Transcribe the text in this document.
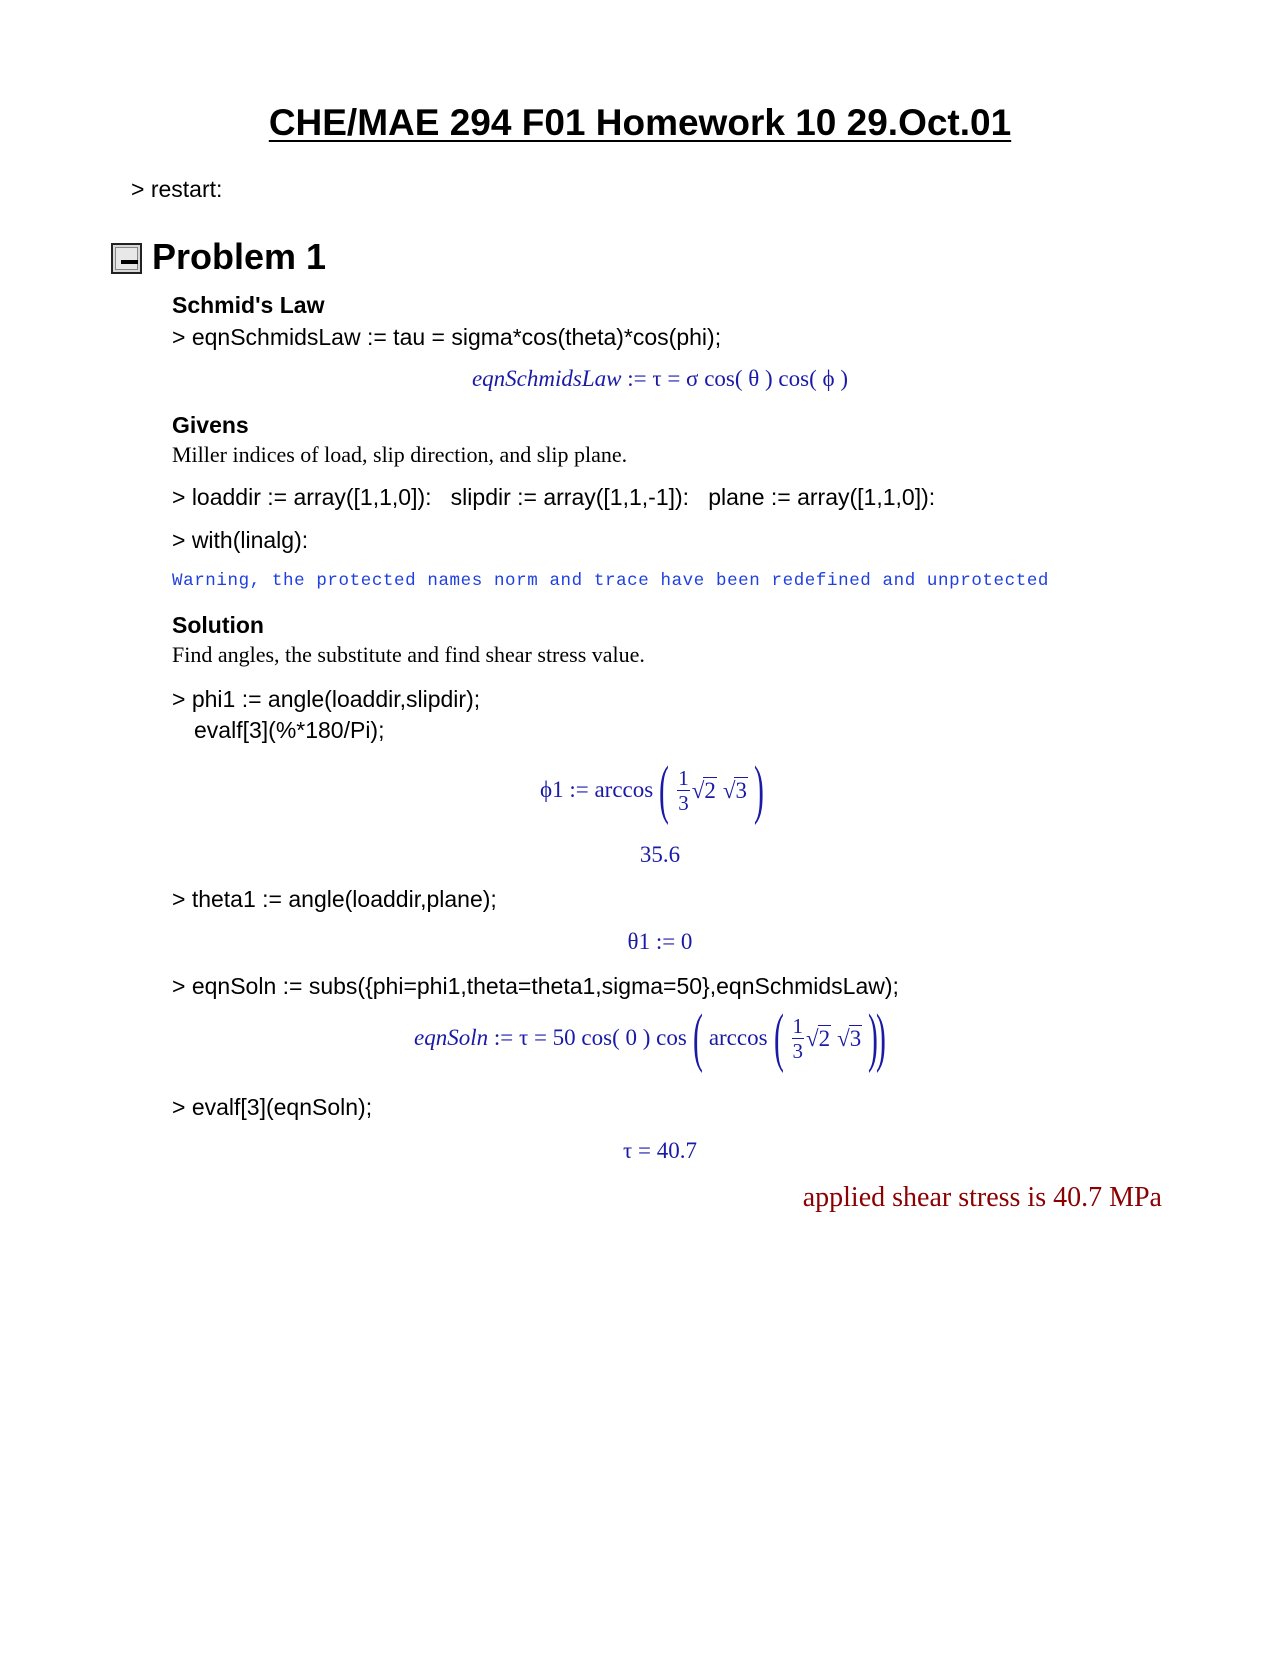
CHE/MAE 294 F01 Homework 10 29.Oct.01
> restart:
Problem 1
Schmid's Law
> eqnSchmidsLaw := tau = sigma*cos(theta)*cos(phi);
eqnSchmidsLaw := τ = σ cos( θ ) cos( ϕ )
Givens
Miller indices of load, slip direction, and slip plane.
> loaddir := array([1,1,0]):   slipdir := array([1,1,-1]):   plane := array([1,1,0]):
> with(linalg):
Warning, the protected names norm and trace have been redefined and unprotected
Solution
Find angles, the substitute and find shear stress value.
> phi1 := angle(loaddir,slipdir);
evalf[3](%*180/Pi);
ϕ1 := $\arccos( \frac{1}{3} √2$ √3 )
35.6
> theta1 := angle(loaddir,plane);
θ1 := 0
> eqnSoln := subs({phi=phi1,theta=theta1,sigma=50},eqnSchmidsLaw);
eqnSoln := τ = 50 cos( 0 ) cos( $\arccos( \frac{1}{3} √2$ √3 ))
> evalf[3](eqnSoln);
τ = 40.7
applied shear stress is 40.7 MPa
